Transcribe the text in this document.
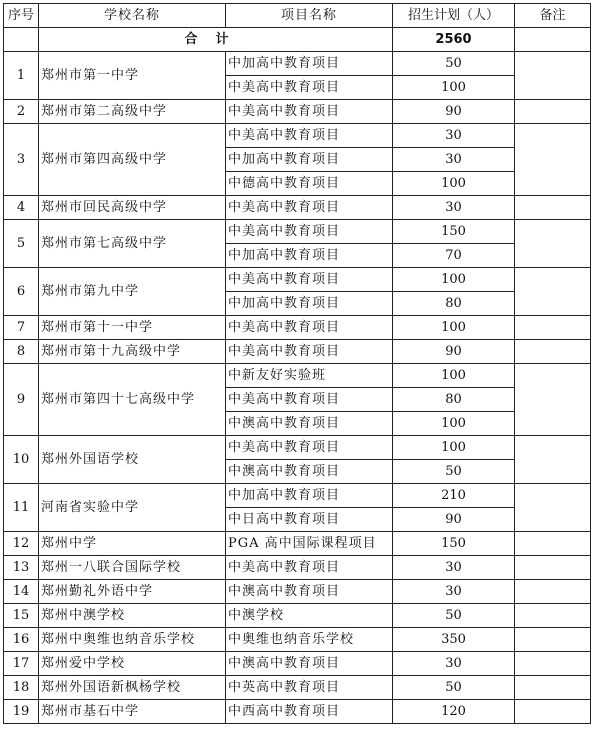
序号	学校名称	项目名称	招生计划（人）	备注
	合计		2560	
1	郑州市第一中学	中加高中教育项目	50	
		中美高中教育项目	100	
2	郑州市第二高级中学	中美高中教育项目	90	
3	郑州市第四高级中学	中美高中教育项目	30	
		中加高中教育项目	30	
		中德高中教育项目	100	
4	郑州市回民高级中学	中美高中教育项目	30	
5	郑州市第七高级中学	中美高中教育项目	150	
		中加高中教育项目	70	
6	郑州市第九中学	中美高中教育项目	100	
		中加高中教育项目	80	
7	郑州市第十一中学	中美高中教育项目	100	
8	郑州市第十九高级中学	中美高中教育项目	90	
9	郑州市第四十七高级中学	中新友好实验班	100	
		中美高中教育项目	80	
		中澳高中教育项目	100	
10	郑州外国语学校	中美高中教育项目	100	
		中澳高中教育项目	50	
11	河南省实验中学	中加高中教育项目	210	
		中日高中教育项目	90	
12	郑州中学	PGA 高中国际课程项目	150	
13	郑州一八联合国际学校	中美高中教育项目	30	
14	郑州勤礼外语中学	中澳高中教育项目	30	
15	郑州中澳学校	中澳学校	50	
16	郑州中奥维也纳音乐学校	中奥维也纳音乐学校	350	
17	郑州爱中学校	中澳高中教育项目	30	
18	郑州外国语新枫杨学校	中英高中教育项目	50	
19	郑州市基石中学	中西高中教育项目	120	
